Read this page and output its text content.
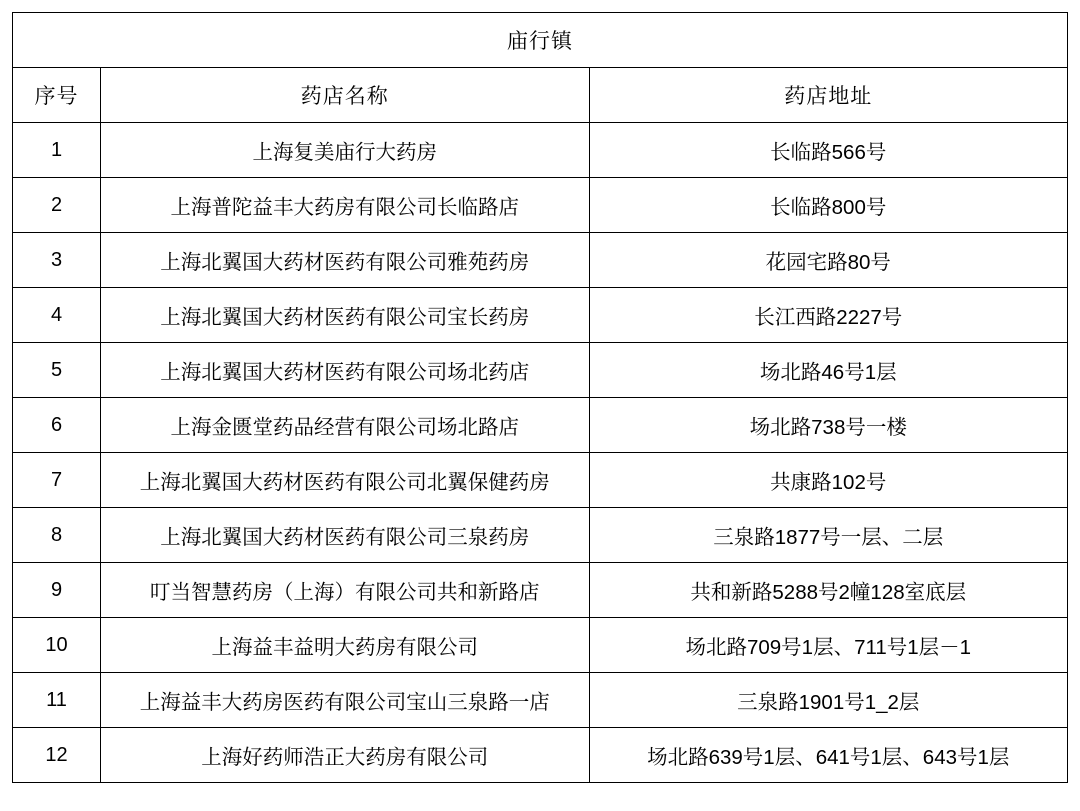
庙行镇		
序号	药店名称	药店地址
1	上海复美庙行大药房	长临路566号
2	上海普陀益丰大药房有限公司长临路店	长临路800号
3	上海北翼国大药材医药有限公司雅苑药房	花园宅路80号
4	上海北翼国大药材医药有限公司宝长药房	长江西路2227号
5	上海北翼国大药材医药有限公司场北药店	场北路46号1层
6	上海金匮堂药品经营有限公司场北路店	场北路738号一楼
7	上海北翼国大药材医药有限公司北翼保健药房	共康路102号
8	上海北翼国大药材医药有限公司三泉药房	三泉路1877号一层、二层
9	叮当智慧药房（上海）有限公司共和新路店	共和新路5288号2幢128室底层
10	上海益丰益明大药房有限公司	场北路709号1层、711号1层－1
11	上海益丰大药房医药有限公司宝山三泉路一店	三泉路1901号1_2层
12	上海好药师浩正大药房有限公司	场北路639号1层、641号1层、643号1层
